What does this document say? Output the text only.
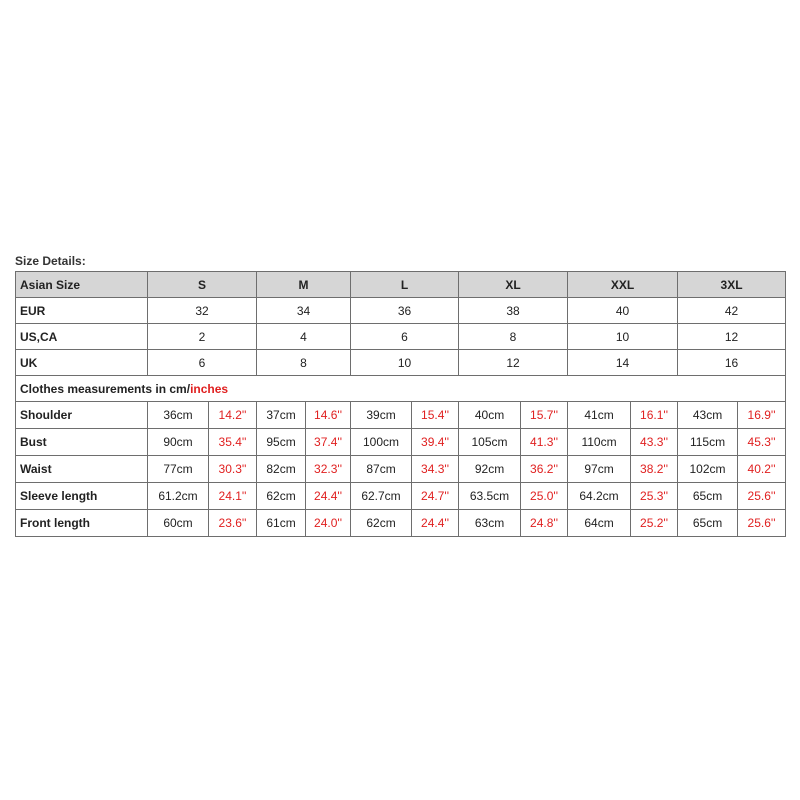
Size Details:
Asian Size	S		M		L		XL		XXL		3XL	
EUR	32		34		36		38		40		42	
US,CA	2		4		6		8		10		12	
UK	6		8		10		12		14		16	
Clothes measurements in cm/inches												
Shoulder	36cm	14.2''	37cm	14.6''	39cm	15.4''	40cm	15.7''	41cm	16.1''	43cm	16.9''
Bust	90cm	35.4''	95cm	37.4''	100cm	39.4''	105cm	41.3''	110cm	43.3''	115cm	45.3''
Waist	77cm	30.3''	82cm	32.3''	87cm	34.3''	92cm	36.2''	97cm	38.2''	102cm	40.2''
Sleeve length	61.2cm	24.1''	62cm	24.4''	62.7cm	24.7''	63.5cm	25.0''	64.2cm	25.3''	65cm	25.6''
Front length	60cm	23.6''	61cm	24.0''	62cm	24.4''	63cm	24.8''	64cm	25.2''	65cm	25.6''
